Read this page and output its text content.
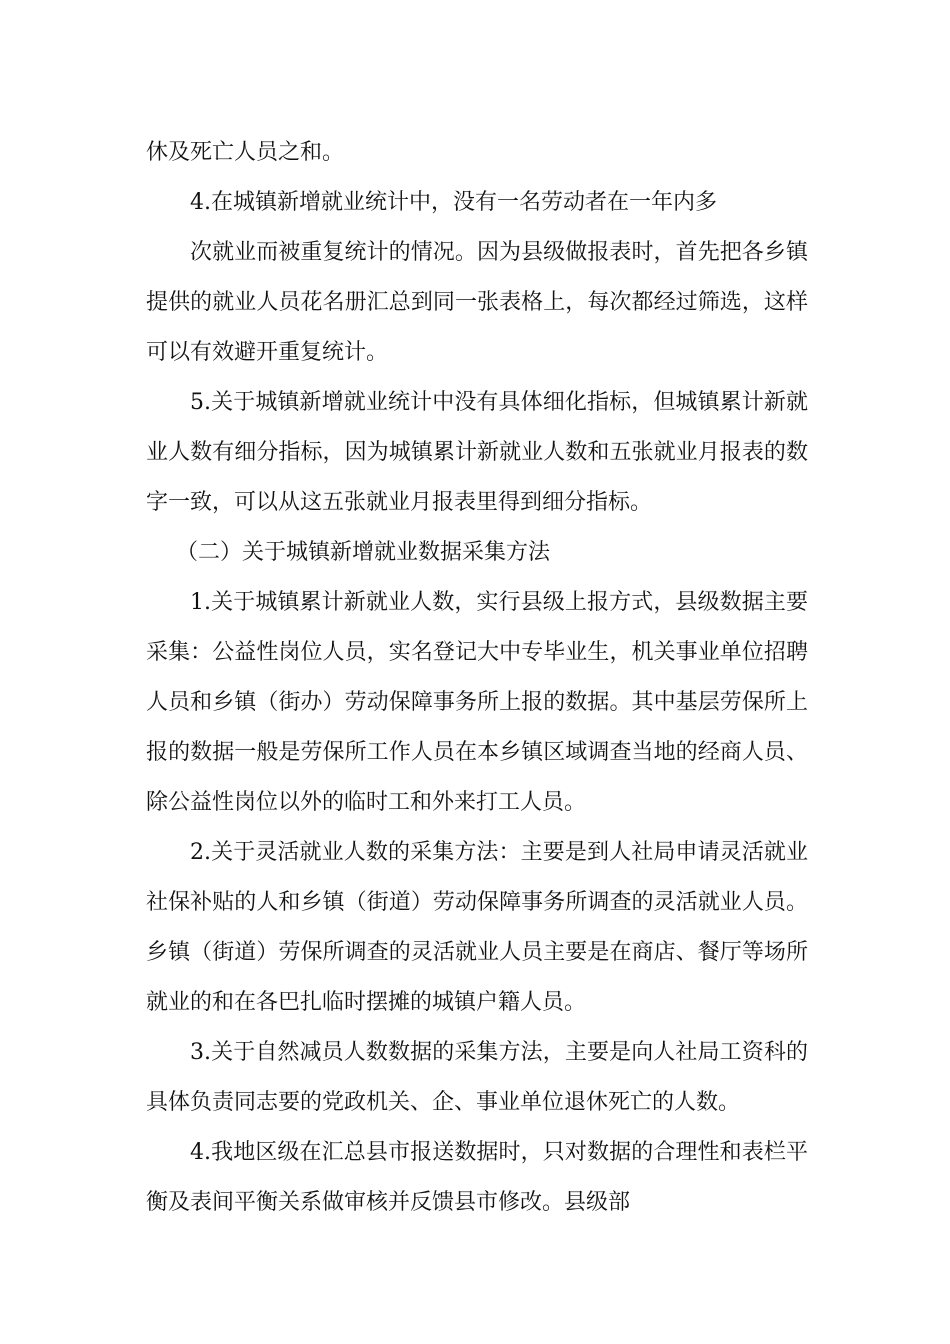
休及死亡人员之和。

4.在城镇新增就业统计中，没有一名劳动者在一年内多

次就业而被重复统计的情况。因为县级做报表时，首先把各乡镇提供的就业人员花名册汇总到同一张表格上，每次都经过筛选，这样可以有效避开重复统计。

5.关于城镇新增就业统计中没有具体细化指标，但城镇累计新就业人数有细分指标，因为城镇累计新就业人数和五张就业月报表的数字一致，可以从这五张就业月报表里得到细分指标。

（二）关于城镇新增就业数据采集方法

1.关于城镇累计新就业人数，实行县级上报方式，县级数据主要采集：公益性岗位人员，实名登记大中专毕业生，机关事业单位招聘人员和乡镇（街办）劳动保障事务所上报的数据。其中基层劳保所上报的数据一般是劳保所工作人员在本乡镇区域调查当地的经商人员、除公益性岗位以外的临时工和外来打工人员。

2.关于灵活就业人数的采集方法：主要是到人社局申请灵活就业社保补贴的人和乡镇（街道）劳动保障事务所调查的灵活就业人员。乡镇（街道）劳保所调查的灵活就业人员主要是在商店、餐厅等场所就业的和在各巴扎临时摆摊的城镇户籍人员。

3.关于自然减员人数数据的采集方法，主要是向人社局工资科的具体负责同志要的党政机关、企、事业单位退休死亡的人数。

4.我地区级在汇总县市报送数据时，只对数据的合理性和表栏平衡及表间平衡关系做审核并反馈县市修改。县级部
